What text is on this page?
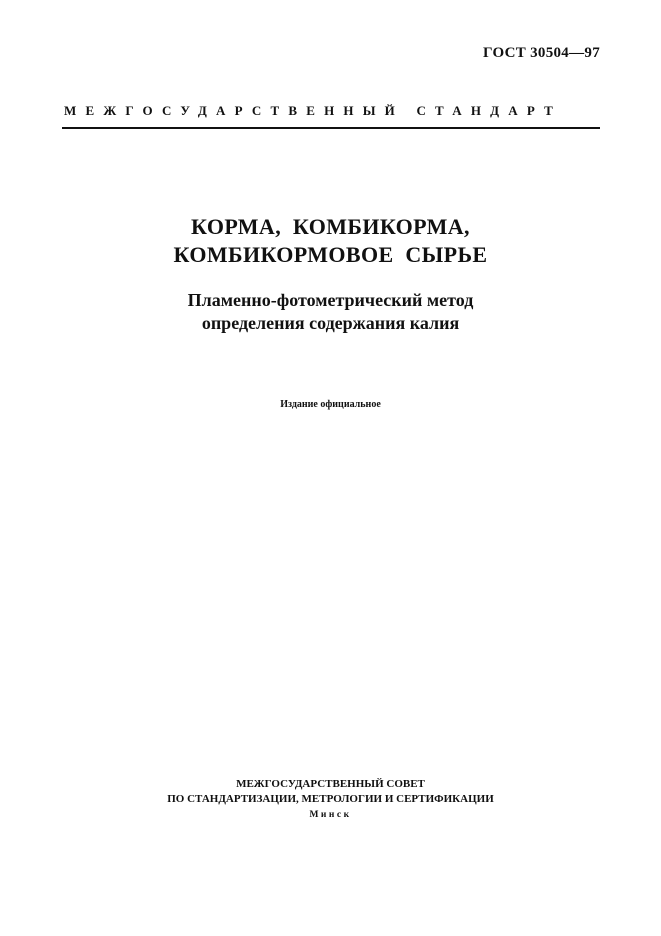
ГОСТ 30504—97
МЕЖГОСУДАРСТВЕННЫЙ СТАНДАРТ
КОРМА,  КОМБИКОРМА,
КОМБИКОРМОВОЕ  СЫРЬЕ
Пламенно-фотометрический метод
определения содержания калия
Издание официальное
МЕЖГОСУДАРСТВЕННЫЙ СОВЕТ
ПО СТАНДАРТИЗАЦИИ, МЕТРОЛОГИИ И СЕРТИФИКАЦИИ
Минск
